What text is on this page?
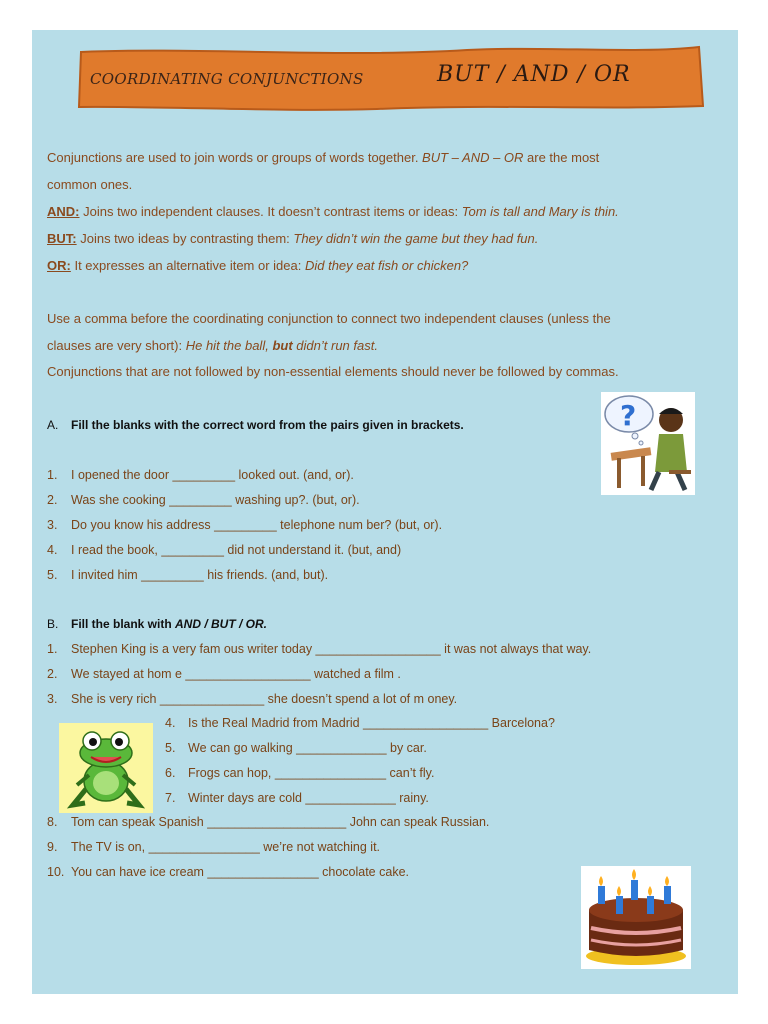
COORDINATING CONJUNCTIONS	BUT / AND / OR
Conjunctions are used to join words or groups of words together. BUT – AND – OR are the most
common ones.
AND: Joins two independent clauses. It doesn’t contrast items or ideas: Tom is tall and Mary is thin.
BUT: Joins two ideas by contrasting them: They didn’t win the game but they had fun.
OR: It expresses an alternative item or idea: Did they eat fish or chicken?
Use a comma before the coordinating conjunction to connect two independent clauses (unless the
clauses are very short): He hit the ball, but didn’t run fast.
Conjunctions that are not followed by non-essential elements should never be followed by commas.
A. Fill the blanks with the correct word from the pairs given in brackets.
1. I opened the door _________ looked out. (and, or).
2. Was she cooking _________ washing up?. (but, or).
3. Do you know his address _________ telephone num ber? (but, or).
4. I read the book, _________ did not understand it. (but, and)
5. I invited him _________ his friends. (and, but).
?
B. Fill the blank with AND / BUT / OR.
1. Stephen King is a very fam ous writer today __________________ it was not always that way.
2. We stayed at hom e __________________ watched a film .
3. She is very rich _______________ she doesn’t spend a lot of m oney.
4. Is the Real Madrid from Madrid __________________ Barcelona?
5. We can go walking _____________ by car.
6. Frogs can hop, ________________ can’t fly.
7. Winter days are cold _____________ rainy.
8. Tom can speak Spanish ____________________ John can speak Russian.
9. The TV is on, ________________ we’re not watching it.
10. You can have ice cream ________________ chocolate cake.
